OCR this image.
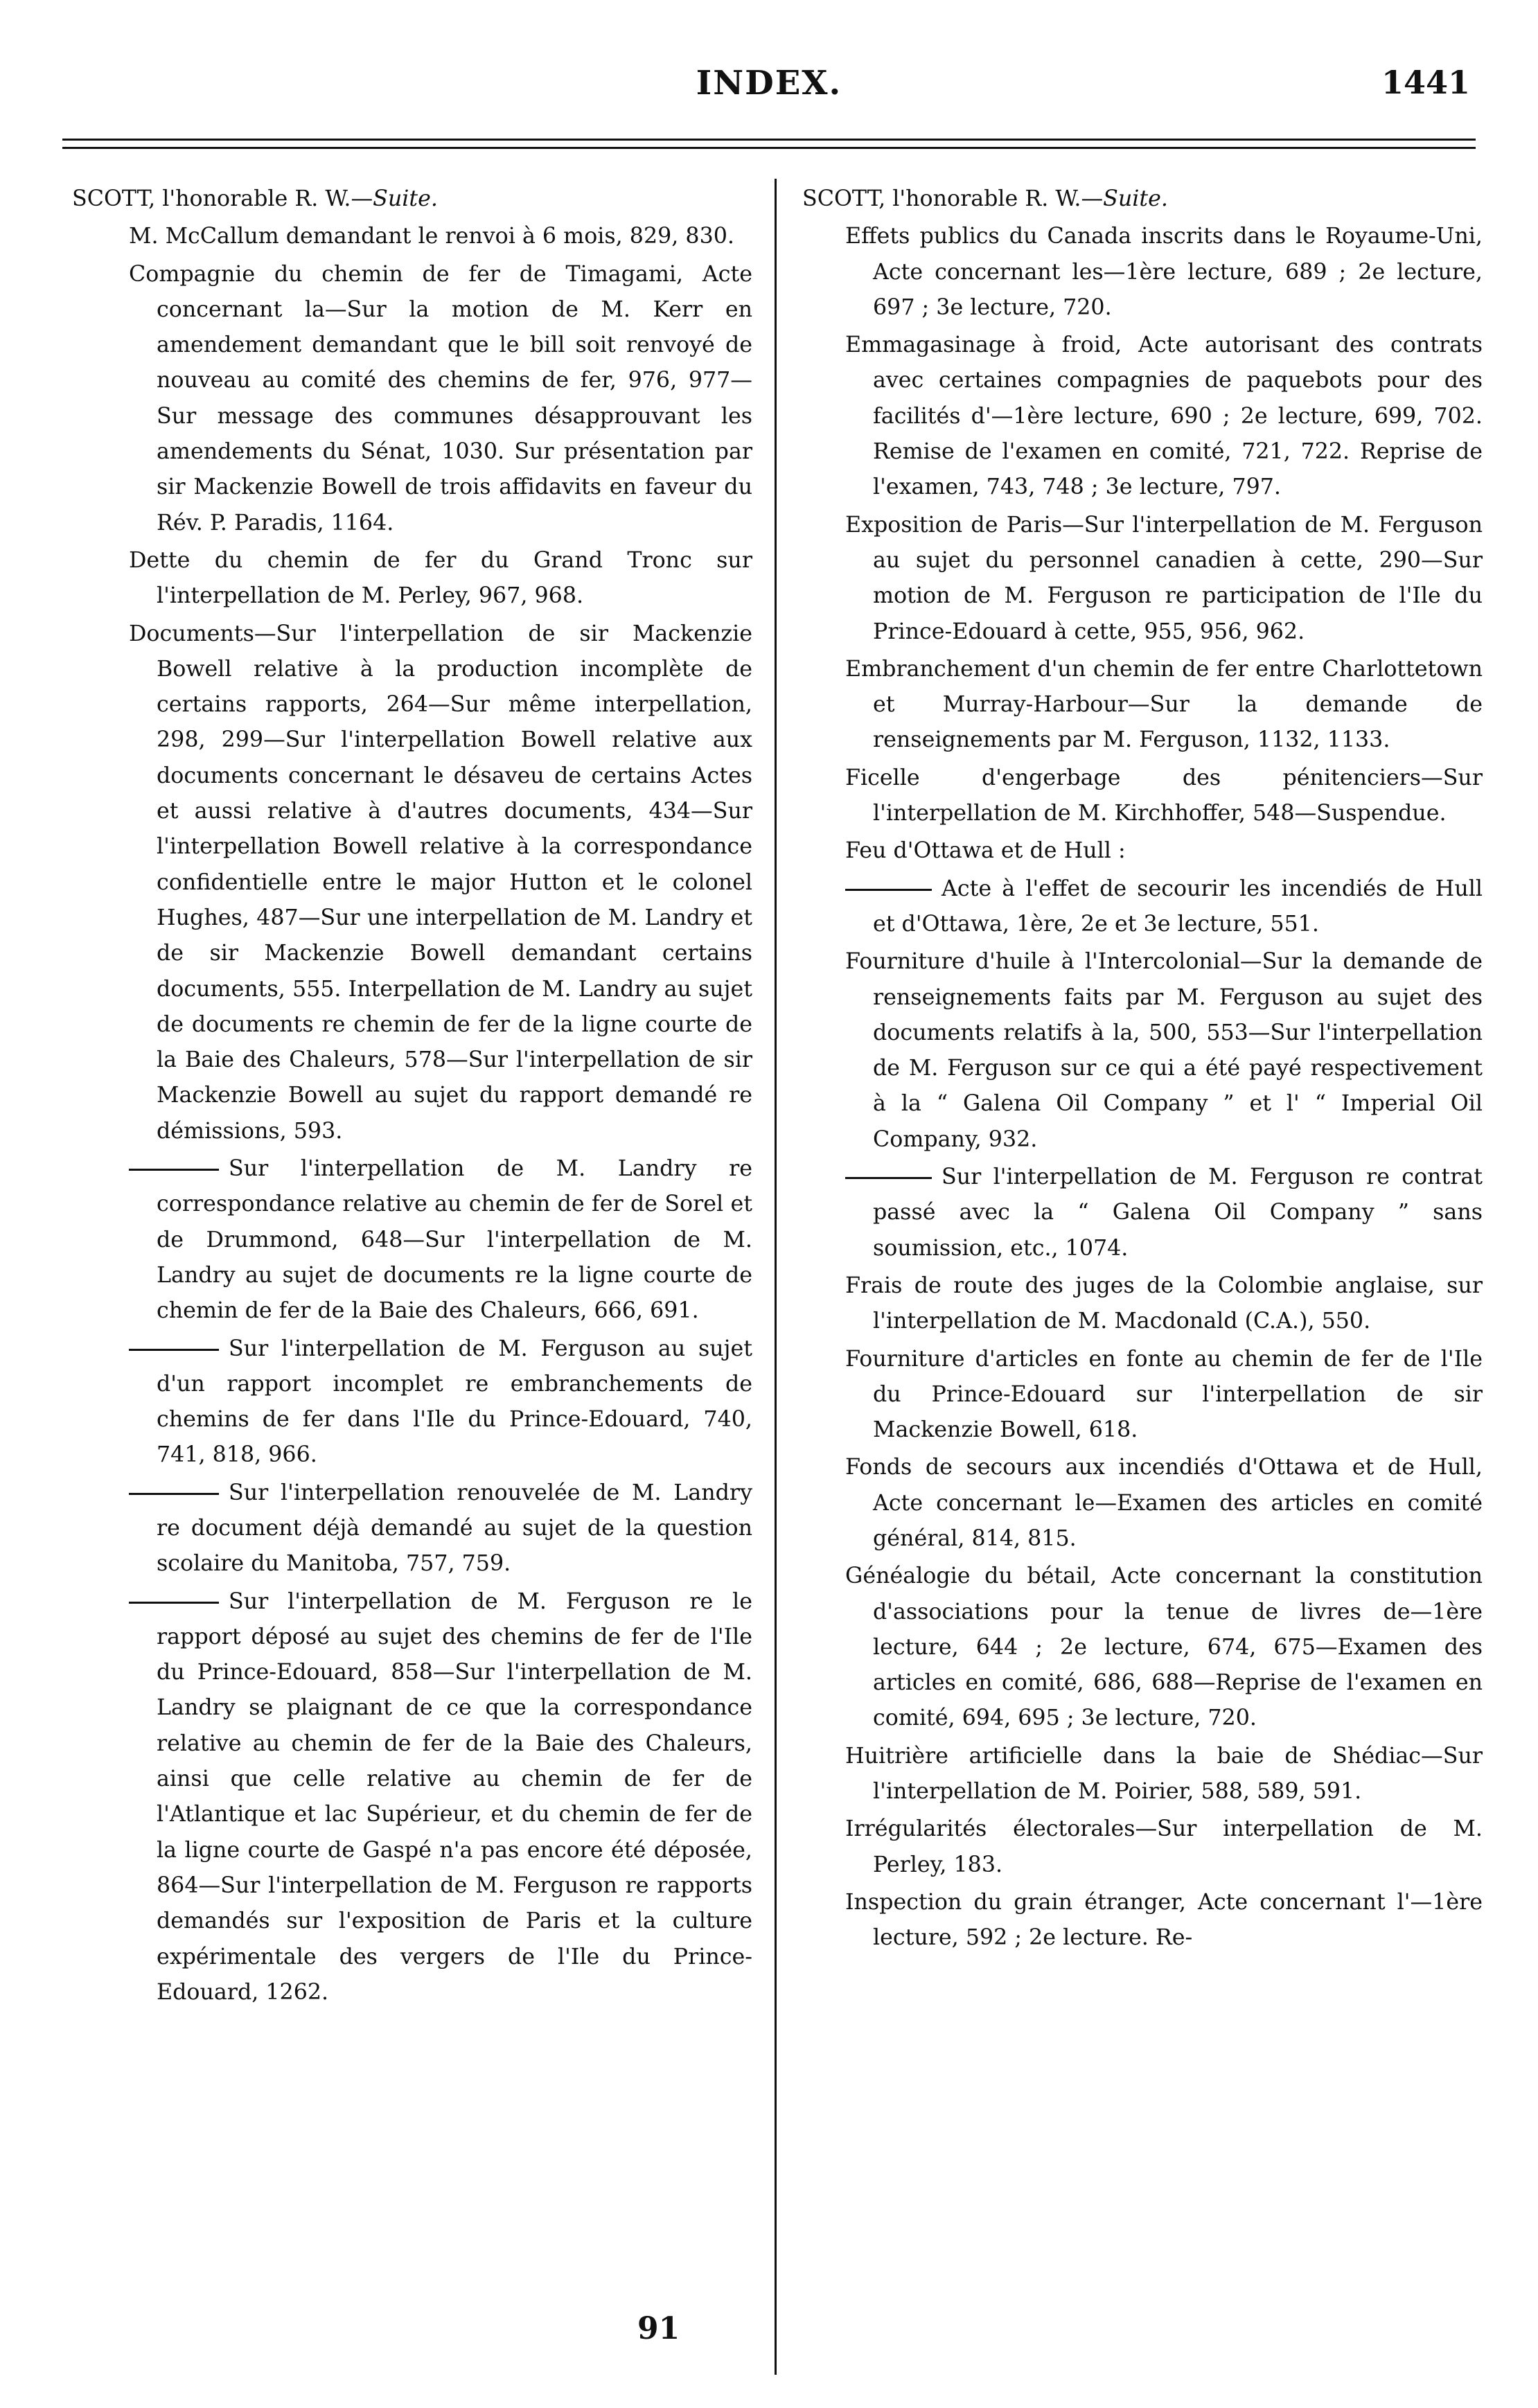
INDEX.	1441
SCOTT, l'honorable R. W.—Suite.
M. McCallum demandant le renvoi à 6 mois, 829, 830.
Compagnie du chemin de fer de Timagami, Acte concernant la—Sur la motion de M. Kerr en amendement demandant que le bill soit renvoyé de nouveau au comité des chemins de fer, 976, 977—Sur message des communes désapprouvant les amendements du Sénat, 1030. Sur présentation par sir Mackenzie Bowell de trois affidavits en faveur du Rév. P. Paradis, 1164.
Dette du chemin de fer du Grand Tronc sur l'interpellation de M. Perley, 967, 968.
Documents—Sur l'interpellation de sir Mackenzie Bowell relative à la production incomplète de certains rapports, 264—Sur même interpellation, 298, 299—Sur l'interpellation Bowell relative aux documents concernant le désaveu de certains Actes et aussi relative à d'autres documents, 434—Sur l'interpellation Bowell relative à la correspondance confidentielle entre le major Hutton et le colonel Hughes, 487—Sur une interpellation de M. Landry et de sir Mackenzie Bowell demandant certains documents, 555. Interpellation de M. Landry au sujet de documents re chemin de fer de la ligne courte de la Baie des Chaleurs, 578—Sur l'interpellation de sir Mackenzie Bowell au sujet du rapport demandé re démissions, 593.
Sur l'interpellation de M. Landry re correspondance relative au chemin de fer de Sorel et de Drummond, 648—Sur l'interpellation de M. Landry au sujet de documents re la ligne courte de chemin de fer de la Baie des Chaleurs, 666, 691.
Sur l'interpellation de M. Ferguson au sujet d'un rapport incomplet re embranchements de chemins de fer dans l'Ile du Prince-Edouard, 740, 741, 818, 966.
Sur l'interpellation renouvelée de M. Landry re document déjà demandé au sujet de la question scolaire du Manitoba, 757, 759.
Sur l'interpellation de M. Ferguson re le rapport déposé au sujet des chemins de fer de l'Ile du Prince-Edouard, 858—Sur l'interpellation de M. Landry se plaignant de ce que la correspondance relative au chemin de fer de la Baie des Chaleurs, ainsi que celle relative au chemin de fer de l'Atlantique et lac Supérieur, et du chemin de fer de la ligne courte de Gaspé n'a pas encore été déposée, 864—Sur l'interpellation de M. Ferguson re rapports demandés sur l'exposition de Paris et la culture expérimentale des vergers de l'Ile du Prince-Edouard, 1262.
SCOTT, l'honorable R. W.—Suite.
Effets publics du Canada inscrits dans le Royaume-Uni, Acte concernant les—1ère lecture, 689 ; 2e lecture, 697 ; 3e lecture, 720.
Emmagasinage à froid, Acte autorisant des contrats avec certaines compagnies de paquebots pour des facilités d'—1ère lecture, 690 ; 2e lecture, 699, 702. Remise de l'examen en comité, 721, 722. Reprise de l'examen, 743, 748 ; 3e lecture, 797.
Exposition de Paris—Sur l'interpellation de M. Ferguson au sujet du personnel canadien à cette, 290—Sur motion de M. Ferguson re participation de l'Ile du Prince-Edouard à cette, 955, 956, 962.
Embranchement d'un chemin de fer entre Charlottetown et Murray-Harbour—Sur la demande de renseignements par M. Ferguson, 1132, 1133.
Ficelle d'engerbage des pénitenciers—Sur l'interpellation de M. Kirchhoffer, 548—Suspendue.
Feu d'Ottawa et de Hull :
Acte à l'effet de secourir les incendiés de Hull et d'Ottawa, 1ère, 2e et 3e lecture, 551.
Fourniture d'huile à l'Intercolonial—Sur la demande de renseignements faits par M. Ferguson au sujet des documents relatifs à la, 500, 553—Sur l'interpellation de M. Ferguson sur ce qui a été payé respectivement à la “ Galena Oil Company ” et l' “ Imperial Oil Company, 932.
Sur l'interpellation de M. Ferguson re contrat passé avec la “ Galena Oil Company ” sans soumission, etc., 1074.
Frais de route des juges de la Colombie anglaise, sur l'interpellation de M. Macdonald (C.A.), 550.
Fourniture d'articles en fonte au chemin de fer de l'Ile du Prince-Edouard sur l'interpellation de sir Mackenzie Bowell, 618.
Fonds de secours aux incendiés d'Ottawa et de Hull, Acte concernant le—Examen des articles en comité général, 814, 815.
Généalogie du bétail, Acte concernant la constitution d'associations pour la tenue de livres de—1ère lecture, 644 ; 2e lecture, 674, 675—Examen des articles en comité, 686, 688—Reprise de l'examen en comité, 694, 695 ; 3e lecture, 720.
Huitrière artificielle dans la baie de Shédiac—Sur l'interpellation de M. Poirier, 588, 589, 591.
Irrégularités électorales—Sur interpellation de M. Perley, 183.
Inspection du grain étranger, Acte concernant l'—1ère lecture, 592 ; 2e lecture. Re-
91
